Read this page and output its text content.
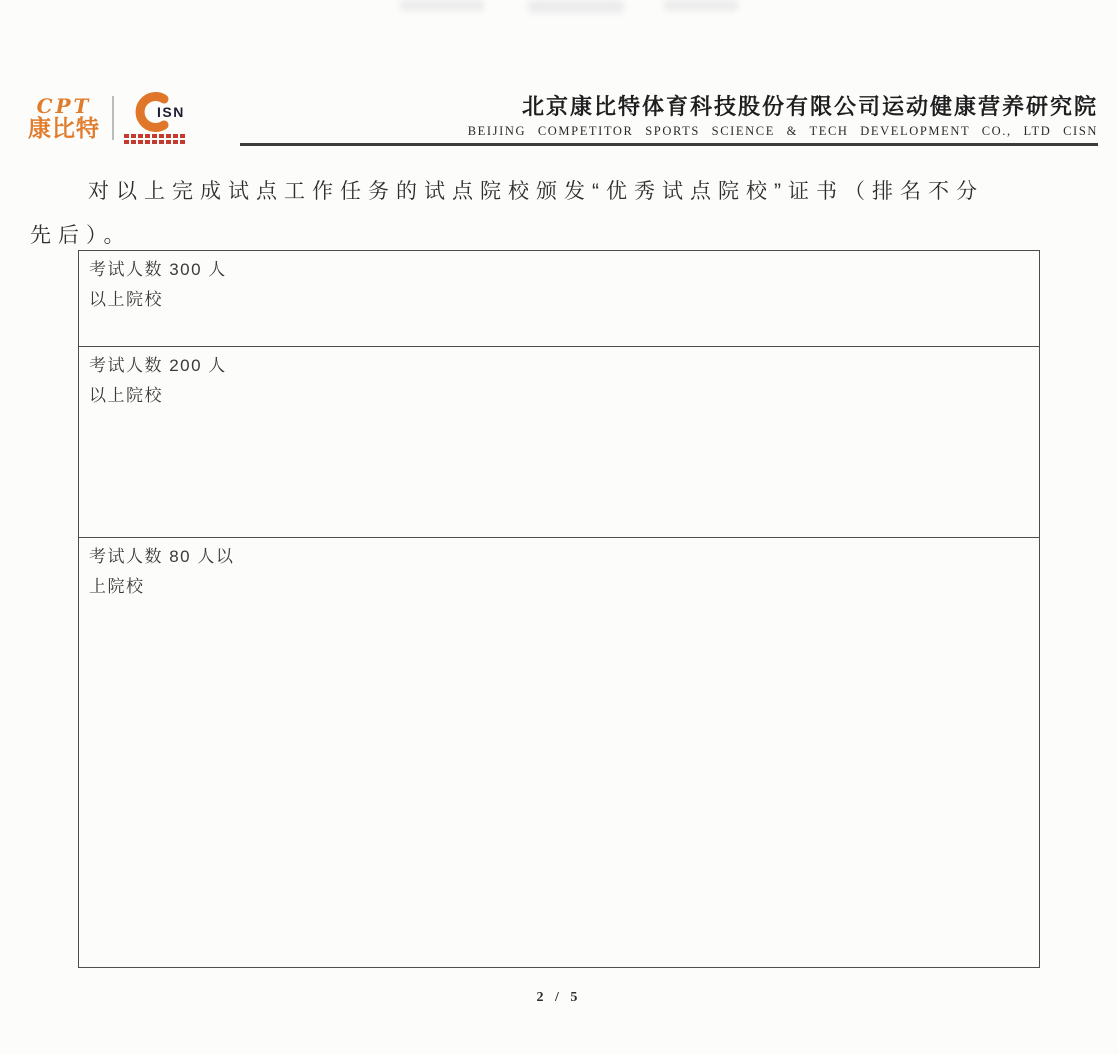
CPT
康比特
ISN	北京康比特体育科技股份有限公司运动健康营养研究院
BEIJING COMPETITOR SPORTS SCIENCE & TECH DEVELOPMENT CO., LTD CISN
对以上完成试点工作任务的试点院校颁发“优秀试点院校”证书（排名不分
先后）。
考试人数 300 人
以上院校

考试人数 200 人
以上院校

考试人数 80 人以
上院校

2 / 5
